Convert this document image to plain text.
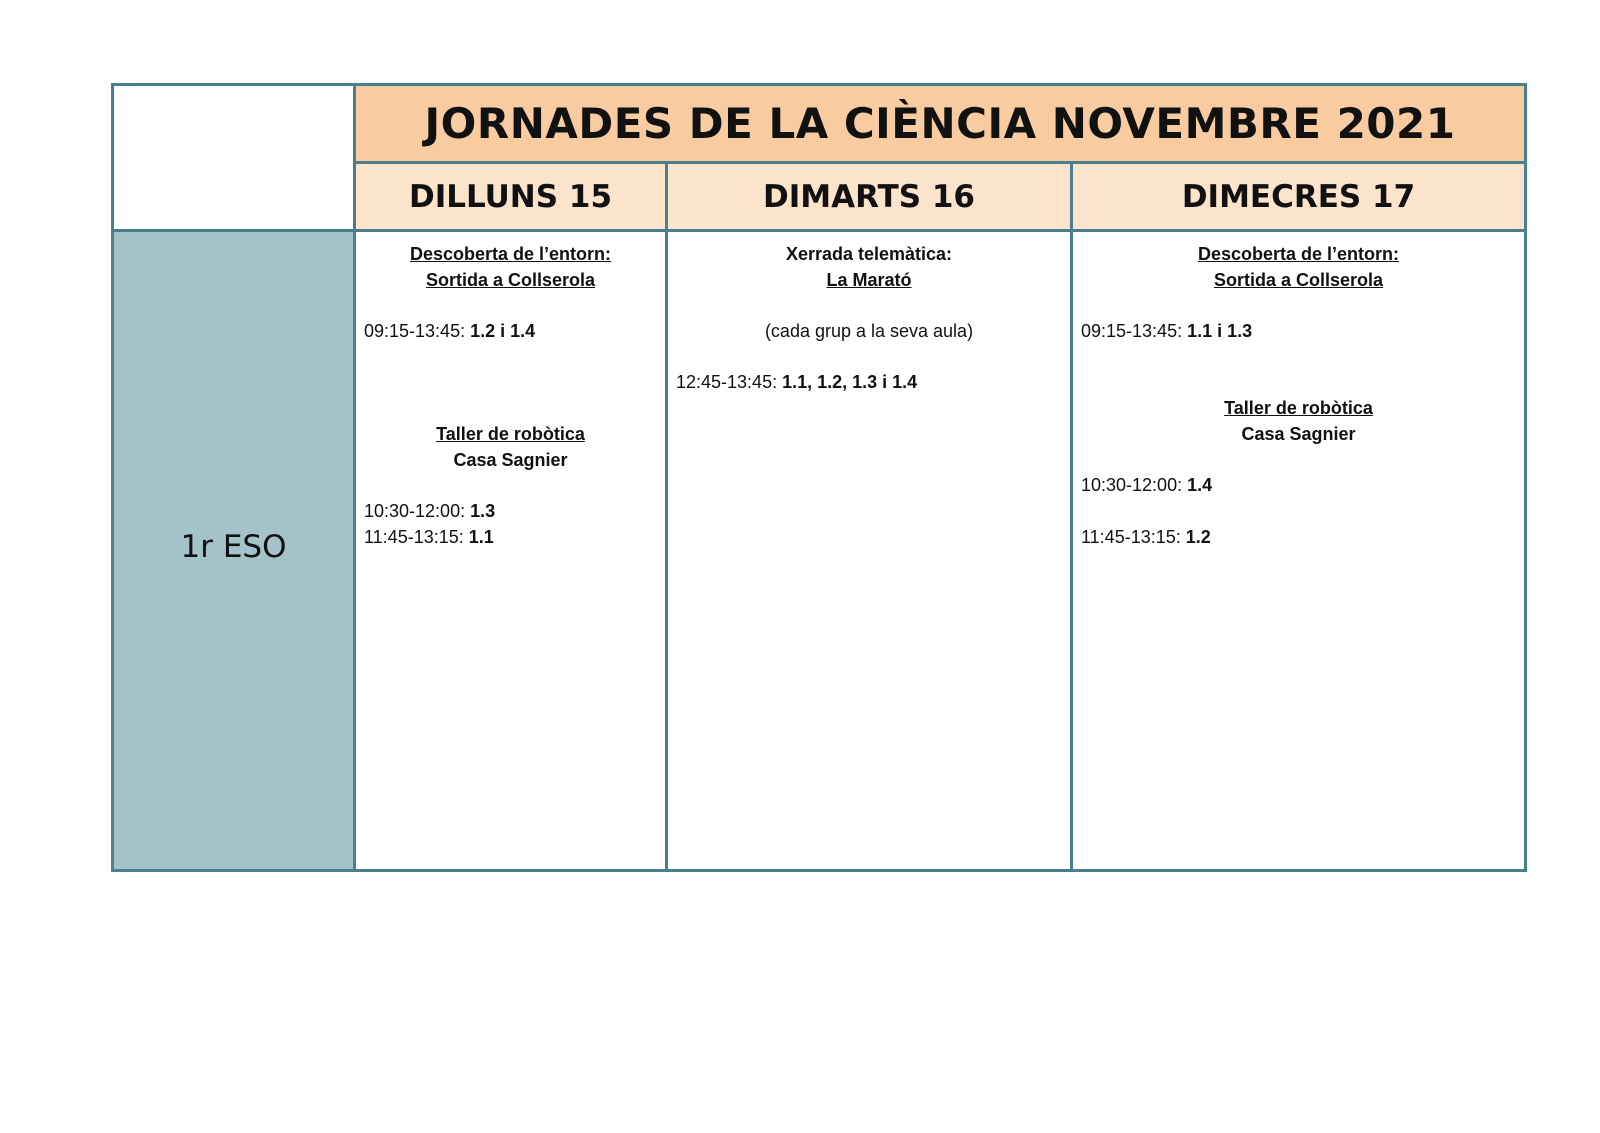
JORNADES DE LA CIÈNCIA NOVEMBRE 2021
DILLUNS 15	DIMARTS 16	DIMECRES 17
1r ESO
Descoberta de l’entorn:
Sortida a Collserola
09:15-13:45: 1.2 i 1.4
Taller de robòtica
Casa Sagnier
10:30-12:00: 1.3
11:45-13:15: 1.1
Xerrada telemàtica:
La Marató
(cada grup a la seva aula)
12:45-13:45: 1.1, 1.2, 1.3 i 1.4
Descoberta de l’entorn:
Sortida a Collserola
09:15-13:45: 1.1 i 1.3
Taller de robòtica
Casa Sagnier
10:30-12:00: 1.4
11:45-13:15: 1.2
